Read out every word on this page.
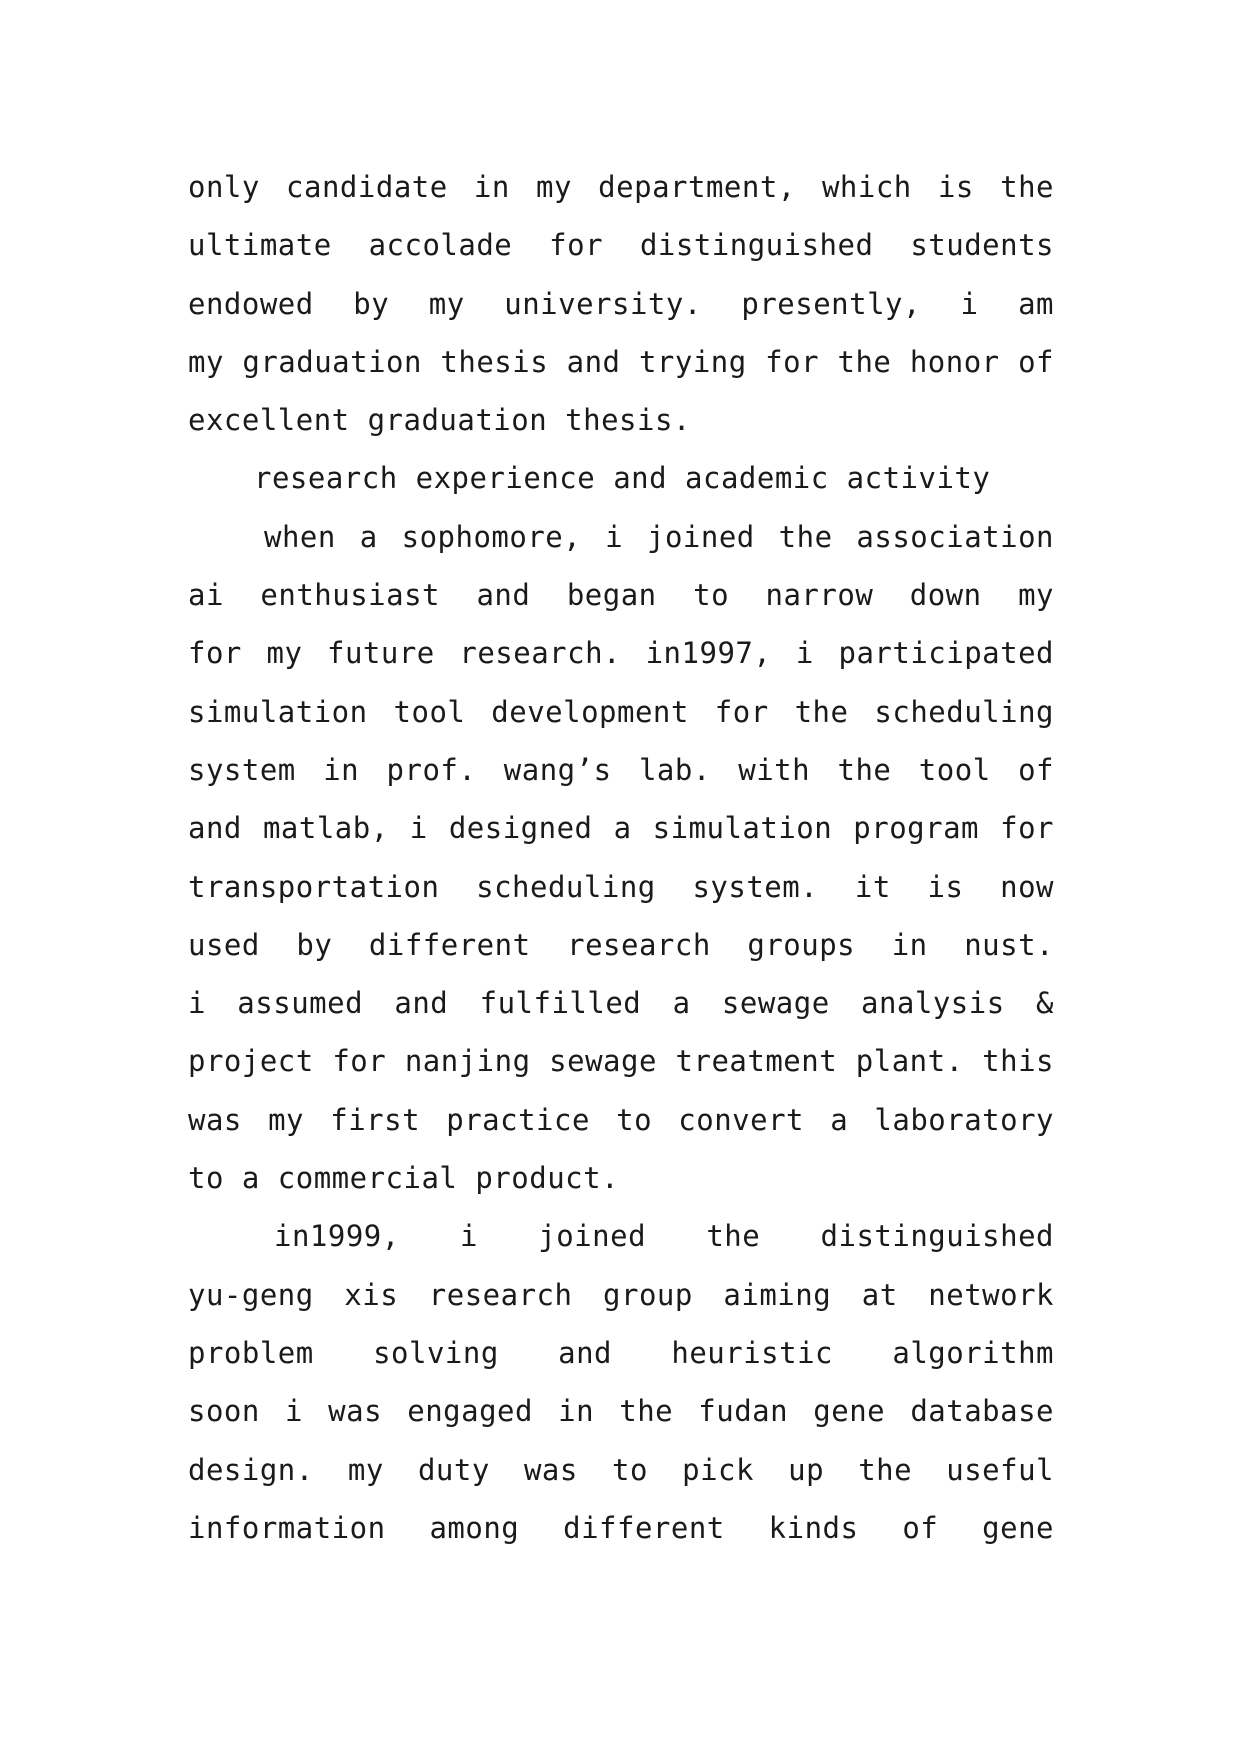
only candidate in my department, which is the
ultimate accolade for distinguished students
endowed by my university. presently, i am
my graduation thesis and trying for the honor of
excellent graduation thesis.
research experience and academic activity
when a sophomore, i joined the association
ai enthusiast and began to narrow down my
for my future research. in1997, i participated
simulation tool development for the scheduling
system in prof. wang’s lab. with the tool of
and matlab, i designed a simulation program for
transportation scheduling system. it is now
used by different research groups in nust.
i assumed and fulfilled a sewage analysis &
project for nanjing sewage treatment plant. this
was my first practice to convert a laboratory
to a commercial product.
in1999, i joined the distinguished
yu-geng xis research group aiming at network
problem solving and heuristic algorithm
soon i was engaged in the fudan gene database
design. my duty was to pick up the useful
information among different kinds of gene
